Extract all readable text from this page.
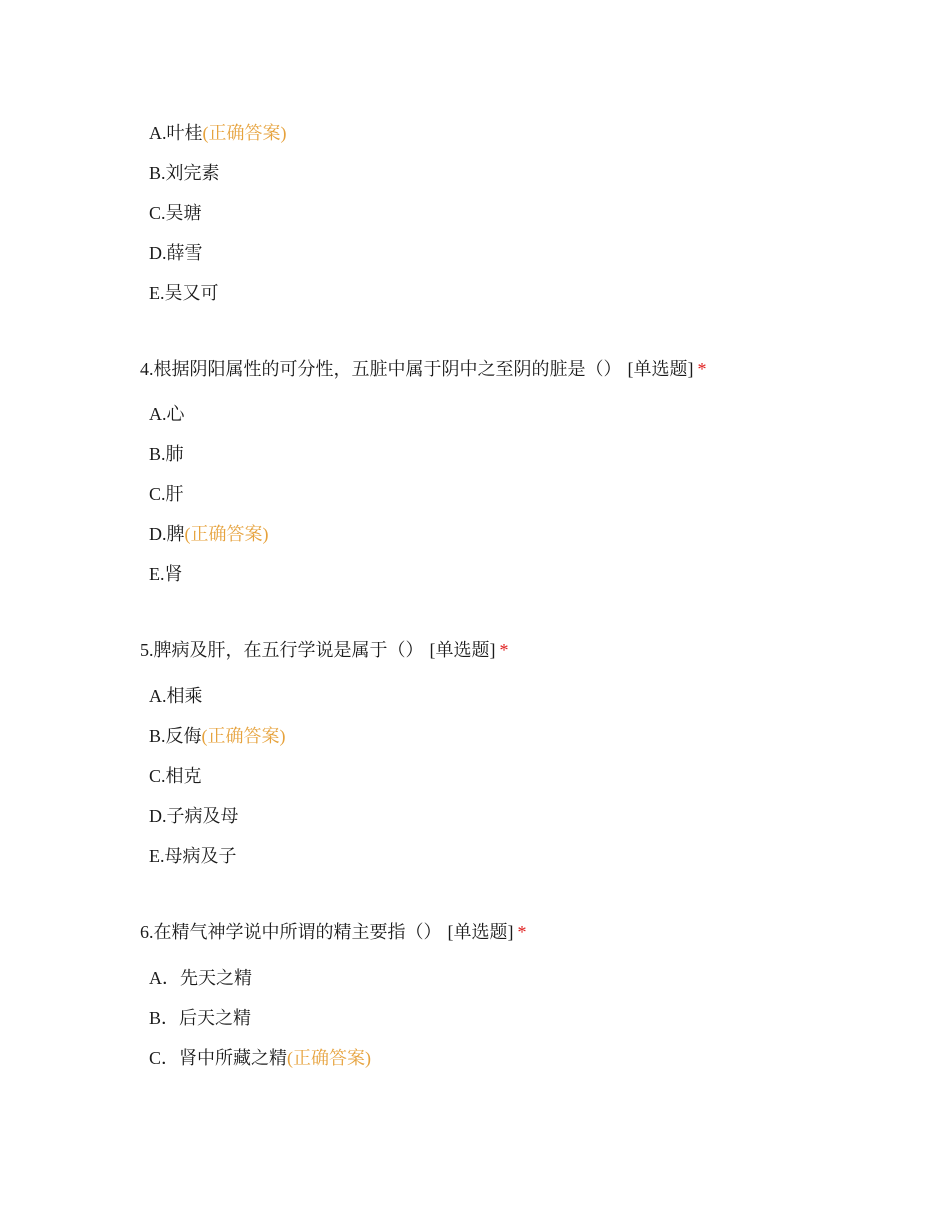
A.叶桂(正确答案)
B.刘完素
C.吴瑭
D.薛雪
E.吴又可
4.根据阴阳属性的可分性，五脏中属于阴中之至阴的脏是（） [单选题] *
A.心
B.肺
C.肝
D.脾(正确答案)
E.肾
5.脾病及肝，在五行学说是属于（） [单选题] *
A.相乘
B.反侮(正确答案)
C.相克
D.子病及母
E.母病及子
6.在精气神学说中所谓的精主要指（） [单选题] *
A．先天之精
B．后天之精
C．肾中所藏之精(正确答案)
